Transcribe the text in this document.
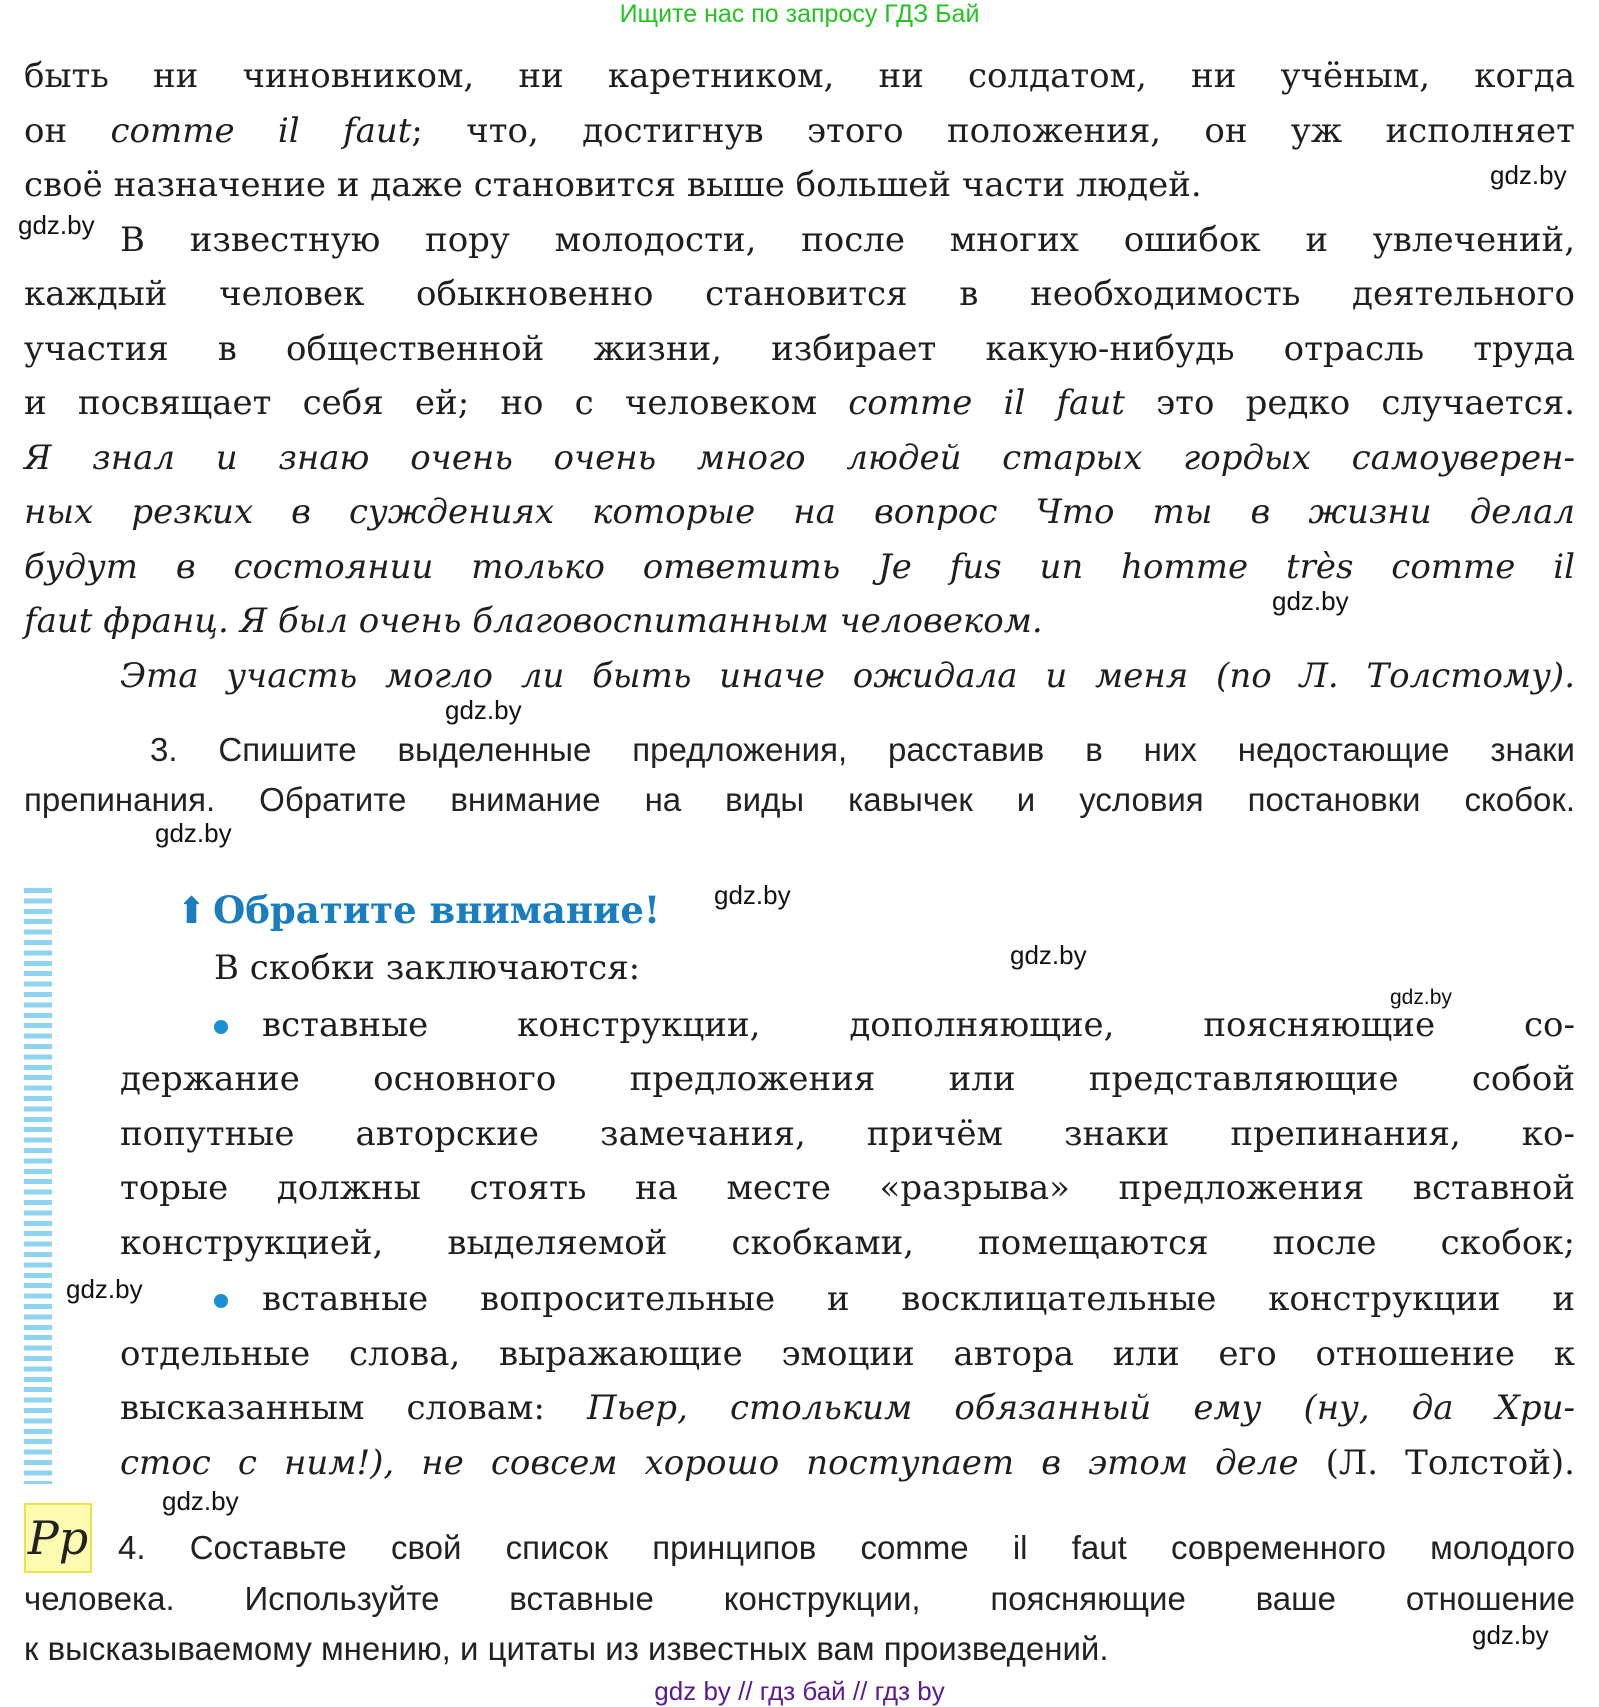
Ищите нас по запросу ГДЗ Бай
быть ни чиновником, ни каретником, ни солдатом, ни учёным, когда
он comme il faut; что, достигнув этого положения, он уж исполняет
своё назначение и даже становится выше большей части людей.
В известную пору молодости, после многих ошибок и увлечений,
каждый человек обыкновенно становится в необходимость деятельного
участия в общественной жизни, избирает какую-нибудь отрасль труда
и посвящает себя ей; но с человеком comme il faut это редко случается.
Я знал и знаю очень очень много людей старых гордых самоуверен-
ных резких в суждениях которые на вопрос Что ты в жизни делал
будут в состоянии только ответить Je fus un homme très comme il
faut франц. Я был очень благовоспитанным человеком.
Эта участь могло ли быть иначе ожидала и меня (по Л. Толстому).
3. Спишите выделенные предложения, расставив в них недостающие знаки
препинания. Обратите внимание на виды кавычек и условия постановки скобок.
вставные конструкции, дополняющие, поясняющие со-
держание основного предложения или представляющие собой
попутные авторские замечания, причём знаки препинания, ко-
торые должны стоять на месте «разрыва» предложения вставной
конструкцией, выделяемой скобками, помещаются после скобок;
вставные вопросительные и восклицательные конструкции и
отдельные слова, выражающие эмоции автора или его отношение к
высказанным словам: Пьер, стольким обязанный ему (ну, да Хри-
стос с ним!), не совсем хорошо поступает в этом деле (Л. Толстой).
4. Составьте свой список принципов comme il faut современного молодого
человека. Используйте вставные конструкции, поясняющие ваше отношение
к высказываемому мнению, и цитаты из известных вам произведений.
⬆ Обратите внимание!
В скобки заключаются:
Pp
gdz.by
gdz.by
gdz.by
gdz.by
gdz.by
gdz.by
gdz.by
gdz.by
gdz.by
gdz.by
gdz.by
gdz by // гдз бай // гдз by
